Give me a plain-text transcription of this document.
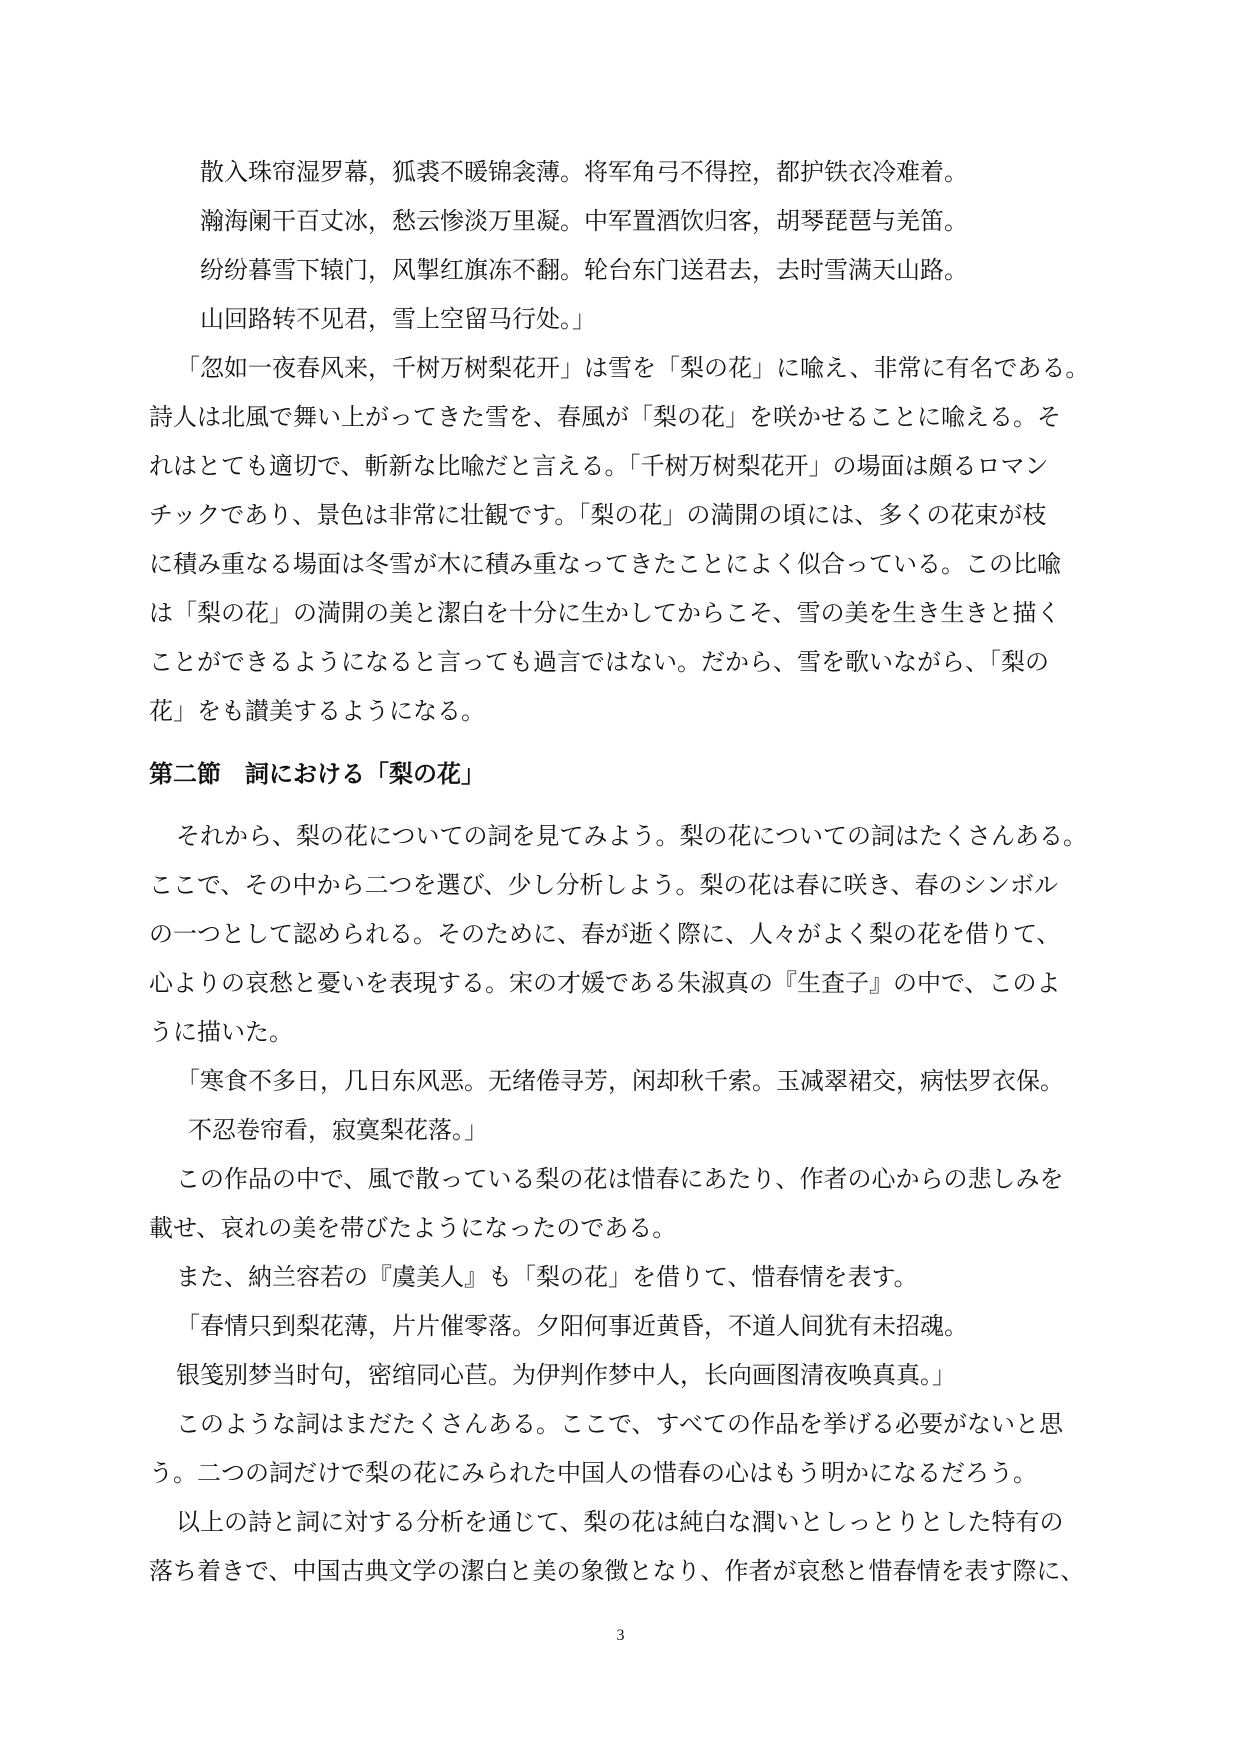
散入珠帘湿罗幕，狐裘不暖锦衾薄。将军角弓不得控，都护铁衣冷难着。
瀚海阑干百丈冰，愁云惨淡万里凝。中军置酒饮归客，胡琴琵琶与羌笛。
纷纷暮雪下辕门，风掣红旗冻不翻。轮台东门送君去，去时雪满天山路。
山回路转不见君，雪上空留马行处。」
「忽如一夜春风来，千树万树梨花开」は雪を「梨の花」に喩え、非常に有名である。
詩人は北風で舞い上がってきた雪を、春風が「梨の花」を咲かせることに喩える。そ
れはとても適切で、斬新な比喩だと言える。「千树万树梨花开」の場面は頗るロマン
チックであり、景色は非常に壮観です。「梨の花」の満開の頃には、多くの花束が枝
に積み重なる場面は冬雪が木に積み重なってきたことによく似合っている。この比喩
は「梨の花」の満開の美と潔白を十分に生かしてからこそ、雪の美を生き生きと描く
ことができるようになると言っても過言ではない。だから、雪を歌いながら、「梨の
花」をも讃美するようになる。
第二節　詞における「梨の花」
それから、梨の花についての詞を見てみよう。梨の花についての詞はたくさんある。
ここで、その中から二つを選び、少し分析しよう。梨の花は春に咲き、春のシンボル
の一つとして認められる。そのために、春が逝く際に、人々がよく梨の花を借りて、
心よりの哀愁と憂いを表現する。宋の才媛である朱淑真の『生査子』の中で、このよ
うに描いた。
「寒食不多日，几日东风恶。无绪倦寻芳，闲却秋千索。玉减翠裙交，病怯罗衣保。
不忍卷帘看，寂寞梨花落。」
この作品の中で、風で散っている梨の花は惜春にあたり、作者の心からの悲しみを
載せ、哀れの美を帯びたようになったのである。
また、納兰容若の『虞美人』も「梨の花」を借りて、惜春情を表す。
「春情只到梨花薄，片片催零落。夕阳何事近黄昏，不道人间犹有未招魂。
银笺别梦当时句，密绾同心苣。为伊判作梦中人，长向画图清夜唤真真。」
このような詞はまだたくさんある。ここで、すべての作品を挙げる必要がないと思
う。二つの詞だけで梨の花にみられた中国人の惜春の心はもう明かになるだろう。
以上の詩と詞に対する分析を通じて、梨の花は純白な潤いとしっとりとした特有の
落ち着きで、中国古典文学の潔白と美の象徴となり、作者が哀愁と惜春情を表す際に、
3
